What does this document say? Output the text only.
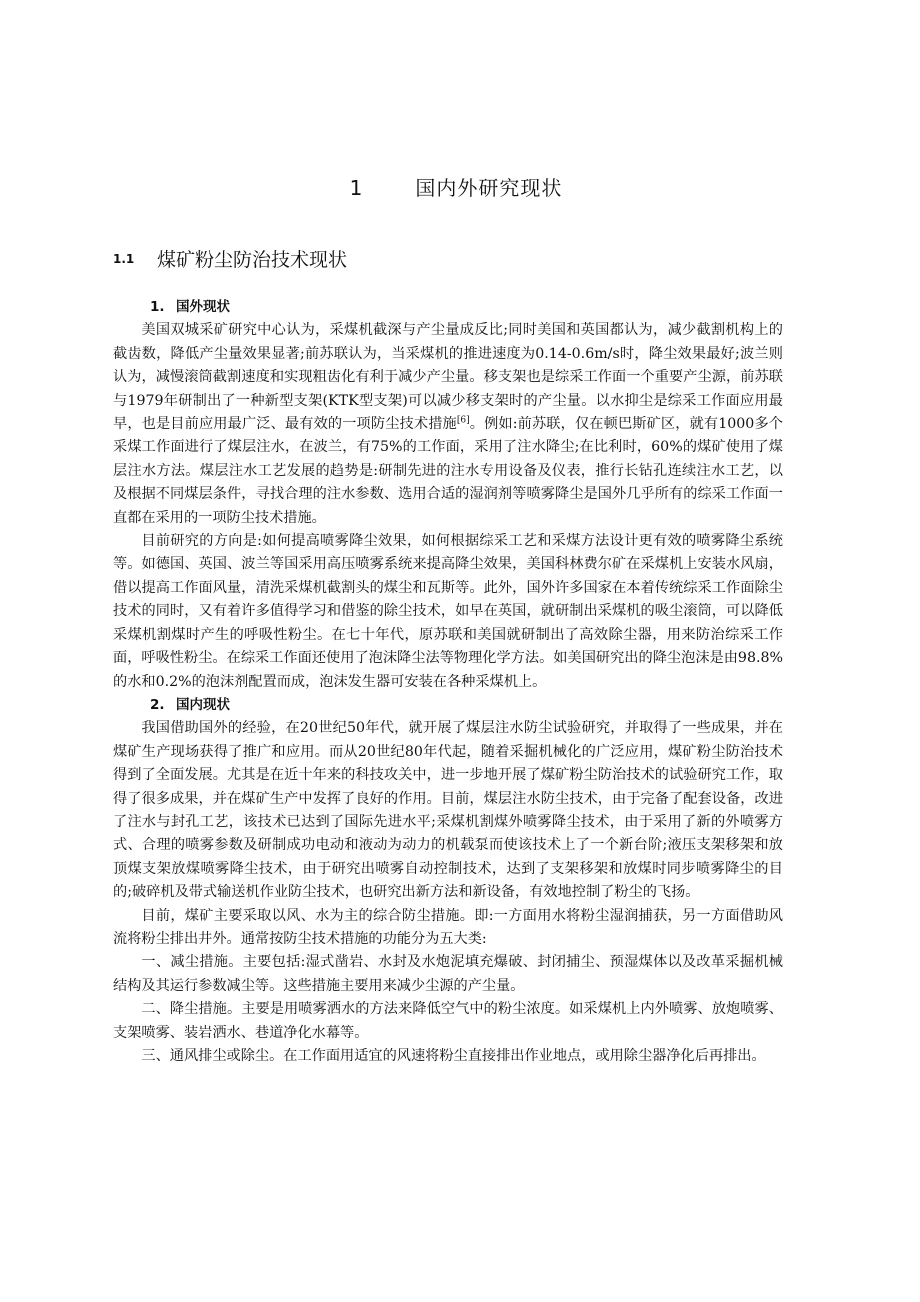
1	国内外研究现状
1.1 煤矿粉尘防治技术现状
1. 国外现状

美国双城采矿研究中心认为，采煤机截深与产尘量成反比;同时美国和英国都认为，减少截割机构上的截齿数，降低产尘量效果显著;前苏联认为，当采煤机的推进速度为0.14-0.6m/s时，降尘效果最好;波兰则认为，减慢滚筒截割速度和实现粗齿化有利于减少产尘量。移支架也是综采工作面一个重要产尘源，前苏联与1979年研制出了一种新型支架(KTK型支架)可以减少移支架时的产尘量。以水抑尘是综采工作面应用最早，也是目前应用最广泛、最有效的一项防尘技术措施[6]。例如:前苏联，仅在顿巴斯矿区，就有1000多个采煤工作面进行了煤层注水，在波兰，有75%的工作面，采用了注水降尘;在比利时，60%的煤矿使用了煤层注水方法。煤层注水工艺发展的趋势是:研制先进的注水专用设备及仪表，推行长钻孔连续注水工艺，以及根据不同煤层条件，寻找合理的注水参数、选用合适的湿润剂等喷雾降尘是国外几乎所有的综采工作面一直都在采用的一项防尘技术措施。

目前研究的方向是:如何提高喷雾降尘效果，如何根据综采工艺和采煤方法设计更有效的喷雾降尘系统等。如德国、英国、波兰等国采用高压喷雾系统来提高降尘效果，美国科林费尔矿在采煤机上安装水风扇，借以提高工作面风量，清洗采煤机截割头的煤尘和瓦斯等。此外，国外许多国家在本着传统综采工作面除尘技术的同时，又有着许多值得学习和借鉴的除尘技术，如早在英国，就研制出采煤机的吸尘滚筒，可以降低采煤机割煤时产生的呼吸性粉尘。在七十年代，原苏联和美国就研制出了高效除尘器，用来防治综采工作面，呼吸性粉尘。在综采工作面还使用了泡沫降尘法等物理化学方法。如美国研究出的降尘泡沫是由98.8%的水和0.2%的泡沫剂配置而成，泡沫发生器可安装在各种采煤机上。

2. 国内现状

我国借助国外的经验，在20世纪50年代，就开展了煤层注水防尘试验研究，并取得了一些成果，并在煤矿生产现场获得了推广和应用。而从20世纪80年代起，随着采掘机械化的广泛应用，煤矿粉尘防治技术得到了全面发展。尤其是在近十年来的科技攻关中，进一步地开展了煤矿粉尘防治技术的试验研究工作，取得了很多成果，并在煤矿生产中发挥了良好的作用。目前，煤层注水防尘技术，由于完备了配套设备，改进了注水与封孔工艺，该技术已达到了国际先进水平;采煤机割煤外喷雾降尘技术，由于采用了新的外喷雾方式、合理的喷雾参数及研制成功电动和液动为动力的机载泵而使该技术上了一个新台阶;液压支架移架和放顶煤支架放煤喷雾降尘技术，由于研究出喷雾自动控制技术，达到了支架移架和放煤时同步喷雾降尘的目的;破碎机及带式输送机作业防尘技术，也研究出新方法和新设备，有效地控制了粉尘的飞扬。

目前，煤矿主要采取以风、水为主的综合防尘措施。即:一方面用水将粉尘湿润捕获，另一方面借助风流将粉尘排出井外。通常按防尘技术措施的功能分为五大类:

一、减尘措施。主要包括:湿式凿岩、水封及水炮泥填充爆破、封闭捕尘、预湿煤体以及改革采掘机械结构及其运行参数减尘等。这些措施主要用来减少尘源的产尘量。

二、降尘措施。主要是用喷雾洒水的方法来降低空气中的粉尘浓度。如采煤机上内外喷雾、放炮喷雾、支架喷雾、装岩洒水、巷道净化水幕等。

三、通风排尘或除尘。在工作面用适宜的风速将粉尘直接排出作业地点，或用除尘器净化后再排出。
